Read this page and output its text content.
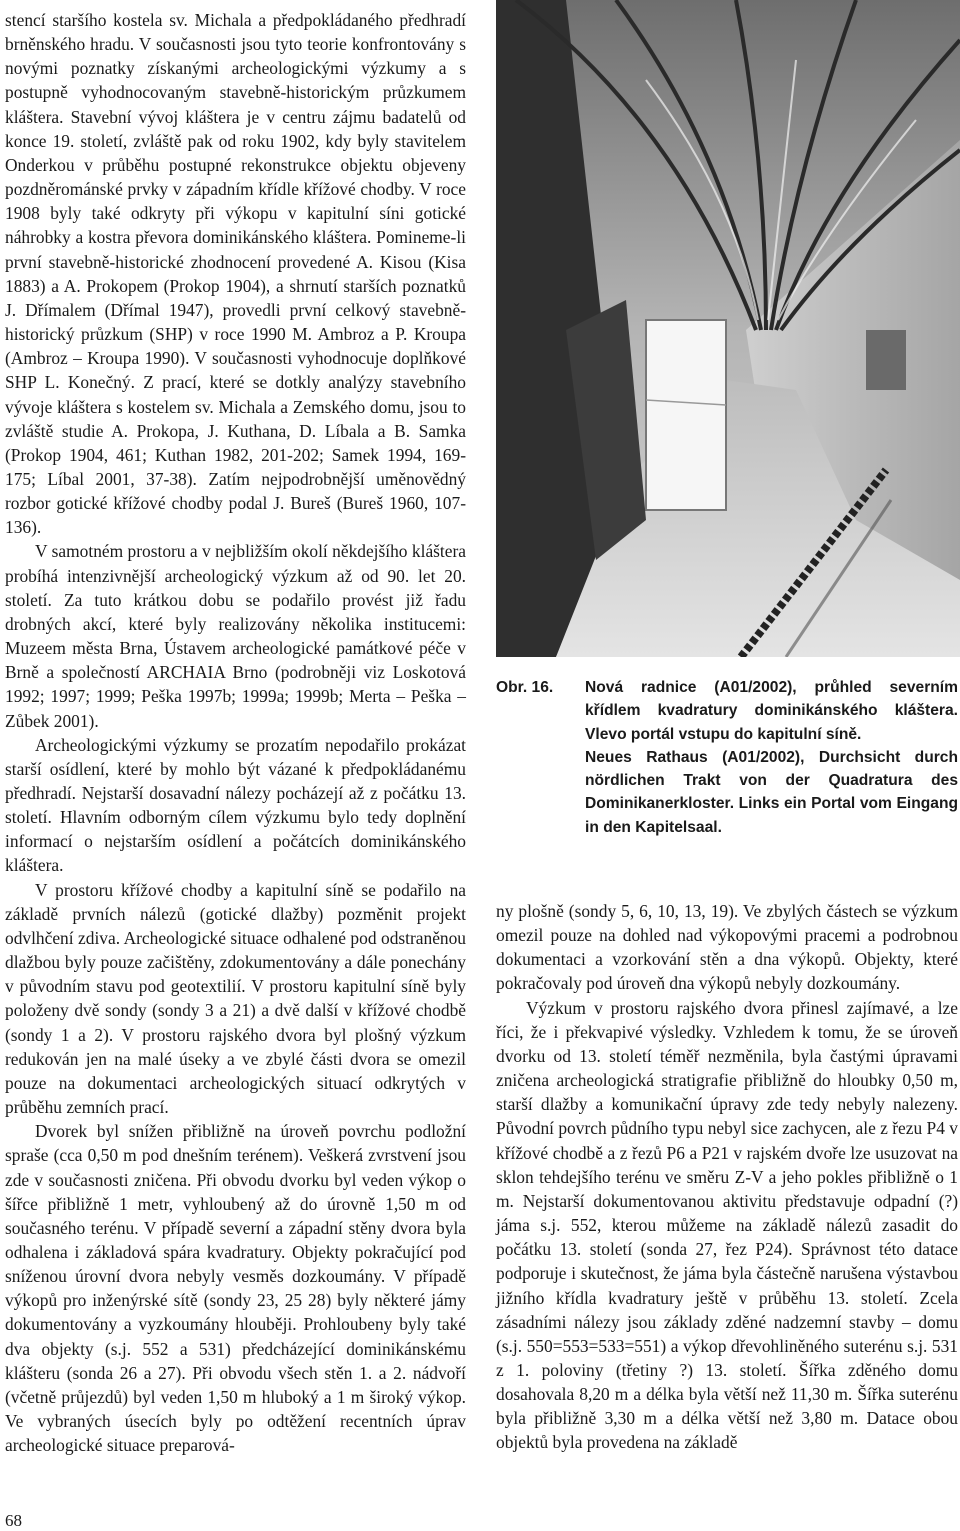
stencí staršího kostela sv. Michala a předpokládaného předhradí brněnského hradu. V současnosti jsou tyto teorie konfrontovány s novými poznatky získanými archeologickými výzkumy a s postupně vyhodnocovaným stavebně-historickým průzkumem kláštera. Stavební vývoj kláštera je v centru zájmu badatelů od konce 19. století, zvláště pak od roku 1902, kdy byly stavitelem Onderkou v průběhu postupné rekonstrukce objektu objeveny pozdněrománské prvky v západním křídle křížové chodby. V roce 1908 byly také odkryty při výkopu v kapitulní síni gotické náhrobky a kostra převora dominikánského kláštera. Pomineme-li první stavebně-historické zhodnocení provedené A. Kisou (Kisa 1883) a A. Prokopem (Prokop 1904), a shrnutí starších poznatků J. Dřímalem (Dřímal 1947), provedli první celkový stavebně-historický průzkum (SHP) v roce 1990 M. Ambroz a P. Kroupa (Ambroz – Kroupa 1990). V současnosti vyhodnocuje doplňkové SHP L. Konečný. Z prací, které se dotkly analýzy stavebního vývoje kláštera s kostelem sv. Michala a Zemského domu, jsou to zvláště studie A. Prokopa, J. Kuthana, D. Líbala a B. Samka (Prokop 1904, 461; Kuthan 1982, 201-202; Samek 1994, 169-175; Líbal 2001, 37-38). Zatím nejpodrobnější uměnovědný rozbor gotické křížové chodby podal J. Bureš (Bureš 1960, 107-136).

V samotném prostoru a v nejbližším okolí někdejšího kláštera probíhá intenzivnější archeologický výzkum až od 90. let 20. století. Za tuto krátkou dobu se podařilo provést již řadu drobných akcí, které byly realizovány několika institucemi: Muzeem města Brna, Ústavem archeologické památkové péče v Brně a společností ARCHAIA Brno (podrobněji viz Loskotová 1992; 1997; 1999; Peška 1997b; 1999a; 1999b; Merta – Peška – Zůbek 2001).

Archeologickými výzkumy se prozatím nepodařilo prokázat starší osídlení, které by mohlo být vázané k předpokládanému předhradí. Nejstarší dosavadní nálezy pocházejí až z počátku 13. století. Hlavním odborným cílem výzkumu bylo tedy doplnění informací o nejstarším osídlení a počátcích dominikánského kláštera.

V prostoru křížové chodby a kapitulní síně se podařilo na základě prvních nálezů (gotické dlažby) pozměnit projekt odvlhčení zdiva. Archeologické situace odhalené pod odstraněnou dlažbou byly pouze začištěny, zdokumentovány a dále ponechány v původním stavu pod geotextilií. V prostoru kapitulní síně byly položeny dvě sondy (sondy 3 a 21) a dvě další v křížové chodbě (sondy 1 a 2). V prostoru rajského dvora byl plošný výzkum redukován jen na malé úseky a ve zbylé části dvora se omezil pouze na dokumentaci archeologických situací odkrytých v průběhu zemních prací.

Dvorek byl snížen přibližně na úroveň povrchu podložní spraše (cca 0,50 m pod dnešním terénem). Veškerá zvrstvení jsou zde v současnosti zničena. Při obvodu dvorku byl veden výkop o šířce přibližně 1 metr, vyhloubený až do úrovně 1,50 m od současného terénu. V případě severní a západní stěny dvora byla odhalena i základová spára kvadratury. Objekty pokračující pod sníženou úrovní dvora nebyly vesměs dozkoumány. V případě výkopů pro inženýrské sítě (sondy 23, 25 28) byly některé jámy dokumentovány a vyzkoumány hlouběji. Prohloubeny byly také dva objekty (s.j. 552 a 531) předcházející dominikánskému klášteru (sonda 26 a 27). Při obvodu všech stěn 1. a 2. nádvoří (včetně průjezdů) byl veden 1,50 m hluboký a 1 m široký výkop. Ve vybraných úsecích byly po odtěžení recentních úprav archeologické situace preparová-

Obr. 16.	Nová radnice (A01/2002), průhled severním křídlem kvadratury dominikánského kláštera. Vlevo portál vstupu do kapitulní síně.

Neues Rathaus (A01/2002), Durchsicht durch nördlichen Trakt von der Quadratura des Dominikanerkloster. Links ein Portal vom Eingang in den Kapitelsaal.

ny plošně (sondy 5, 6, 10, 13, 19). Ve zbylých částech se výzkum omezil pouze na dohled nad výkopovými pracemi a podrobnou dokumentaci a vzorkování stěn a dna výkopů. Objekty, které pokračovaly pod úroveň dna výkopů nebyly dozkoumány.

Výzkum v prostoru rajského dvora přinesl zajímavé, a lze říci, že i překvapivé výsledky. Vzhledem k tomu, že se úroveň dvorku od 13. století téměř nezměnila, byla častými úpravami zničena archeologická stratigrafie přibližně do hloubky 0,50 m, starší dlažby a komunikační úpravy zde tedy nebyly nalezeny. Původní povrch půdního typu nebyl sice zachycen, ale z řezu P4 v křížové chodbě a z řezů P6 a P21 v rajském dvoře lze usuzovat na sklon tehdejšího terénu ve směru Z-V a jeho pokles přibližně o 1 m. Nejstarší dokumentovanou aktivitu představuje odpadní (?) jáma s.j. 552, kterou můžeme na základě nálezů zasadit do počátku 13. století (sonda 27, řez P24). Správnost této datace podporuje i skutečnost, že jáma byla částečně narušena výstavbou jižního křídla kvadratury ještě v průběhu 13. století. Zcela zásadními nálezy jsou základy zděné nadzemní stavby – domu (s.j. 550=553=533=551) a výkop dřevohliněného suterénu s.j. 531 z 1. poloviny (třetiny ?) 13. století. Šířka zděného domu dosahovala 8,20 m a délka byla větší než 11,30 m. Šířka suterénu byla přibližně 3,30 m a délka větší než 3,80 m. Datace obou objektů byla provedena na základě

68
